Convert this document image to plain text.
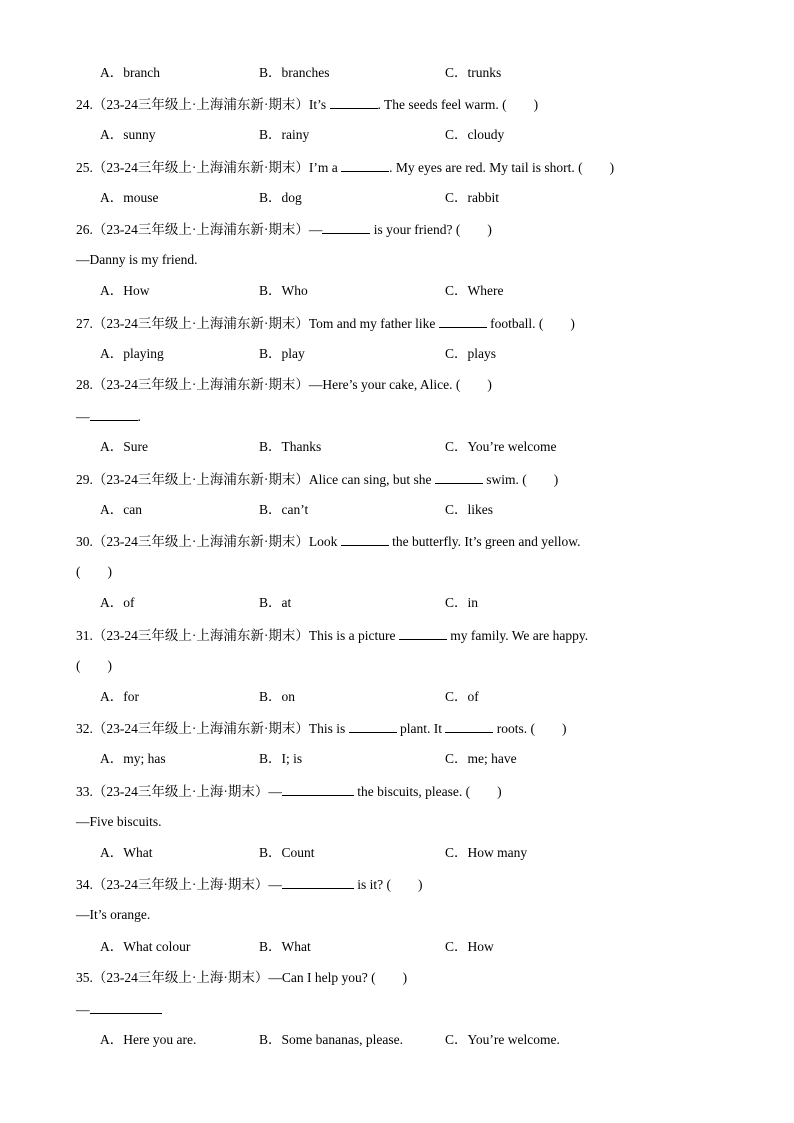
A．branch	B．branches	C．trunks
24.（23-24三年级上·上海浦东新·期末）It’s	. The seeds feel warm. (　　)
A．sunny	B．rainy	C．cloudy
25.（23-24三年级上·上海浦东新·期末）I’m a	. My eyes are red. My tail is short. (　　)
A．mouse	B．dog	C．rabbit
26.（23-24三年级上·上海浦东新·期末）—	is your friend? (　　)
—Danny is my friend.
A．How	B．Who	C．Where
27.（23-24三年级上·上海浦东新·期末）Tom and my father like	football. (　　)
A．playing	B．play	C．plays
28.（23-24三年级上·上海浦东新·期末）—Here’s your cake, Alice. (　　)
—	.
A．Sure	B．Thanks	C．You’re welcome
29.（23-24三年级上·上海浦东新·期末）Alice can sing, but she	swim. (　　)
A．can	B．can’t	C．likes
30.（23-24三年级上·上海浦东新·期末）Look	the butterfly. It’s green and yellow.
(　　)
A．of	B．at	C．in
31.（23-24三年级上·上海浦东新·期末）This is a picture	my family. We are happy.
(　　)
A．for	B．on	C．of
32.（23-24三年级上·上海浦东新·期末）This is	plant. It	roots. (　　)
A．my; has	B．I; is	C．me; have
33.（23-24三年级上·上海·期末）—	the biscuits, please. (　　)
—Five biscuits.
A．What	B．Count	C．How many
34.（23-24三年级上·上海·期末）—	is it? (　　)
—It’s orange.
A．What colour	B．What	C．How
35.（23-24三年级上·上海·期末）—Can I help you? (　　)
—
A．Here you are.	B．Some bananas, please.	C．You’re welcome.
